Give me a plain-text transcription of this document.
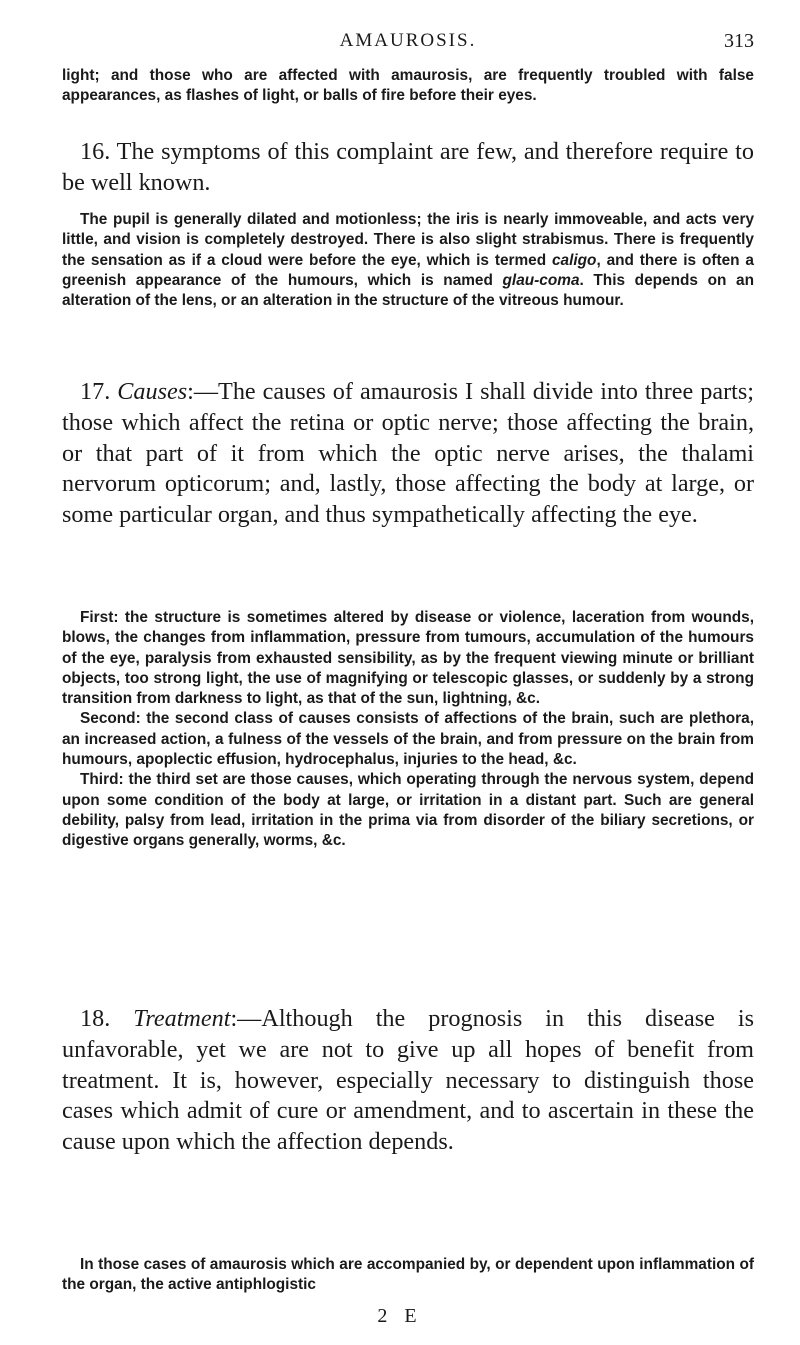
AMAUROSIS.	313

light; and those who are affected with amaurosis, are frequently troubled with false appearances, as flashes of light, or balls of fire before their eyes.

16. The symptoms of this complaint are few, and therefore require to be well known.

The pupil is generally dilated and motionless; the iris is nearly immoveable, and acts very little, and vision is completely destroyed. There is also slight strabismus. There is frequently the sensation as if a cloud were before the eye, which is termed caligo, and there is often a greenish appearance of the humours, which is named glau-coma. This depends on an alteration of the lens, or an alteration in the structure of the vitreous humour.

17. Causes:—The causes of amaurosis I shall divide into three parts; those which affect the retina or optic nerve; those affecting the brain, or that part of it from which the optic nerve arises, the thalami nervorum opticorum; and, lastly, those affecting the body at large, or some particular organ, and thus sympathetically affecting the eye.

First: the structure is sometimes altered by disease or violence, laceration from wounds, blows, the changes from inflammation, pressure from tumours, accumulation of the humours of the eye, paralysis from exhausted sensibility, as by the frequent viewing minute or brilliant objects, too strong light, the use of magnifying or telescopic glasses, or suddenly by a strong transition from darkness to light, as that of the sun, lightning, &c.

Second: the second class of causes consists of affections of the brain, such are plethora, an increased action, a fulness of the vessels of the brain, and from pressure on the brain from humours, apoplectic effusion, hydrocephalus, injuries to the head, &c.

Third: the third set are those causes, which operating through the nervous system, depend upon some condition of the body at large, or irritation in a distant part. Such are general debility, palsy from lead, irritation in the prima via from disorder of the biliary secretions, or digestive organs generally, worms, &c.

18. Treatment:—Although the prognosis in this disease is unfavorable, yet we are not to give up all hopes of benefit from treatment. It is, however, especially necessary to distinguish those cases which admit of cure or amendment, and to ascertain in these the cause upon which the affection depends.

In those cases of amaurosis which are accompanied by, or dependent upon inflammation of the organ, the active antiphlogistic

2 E
